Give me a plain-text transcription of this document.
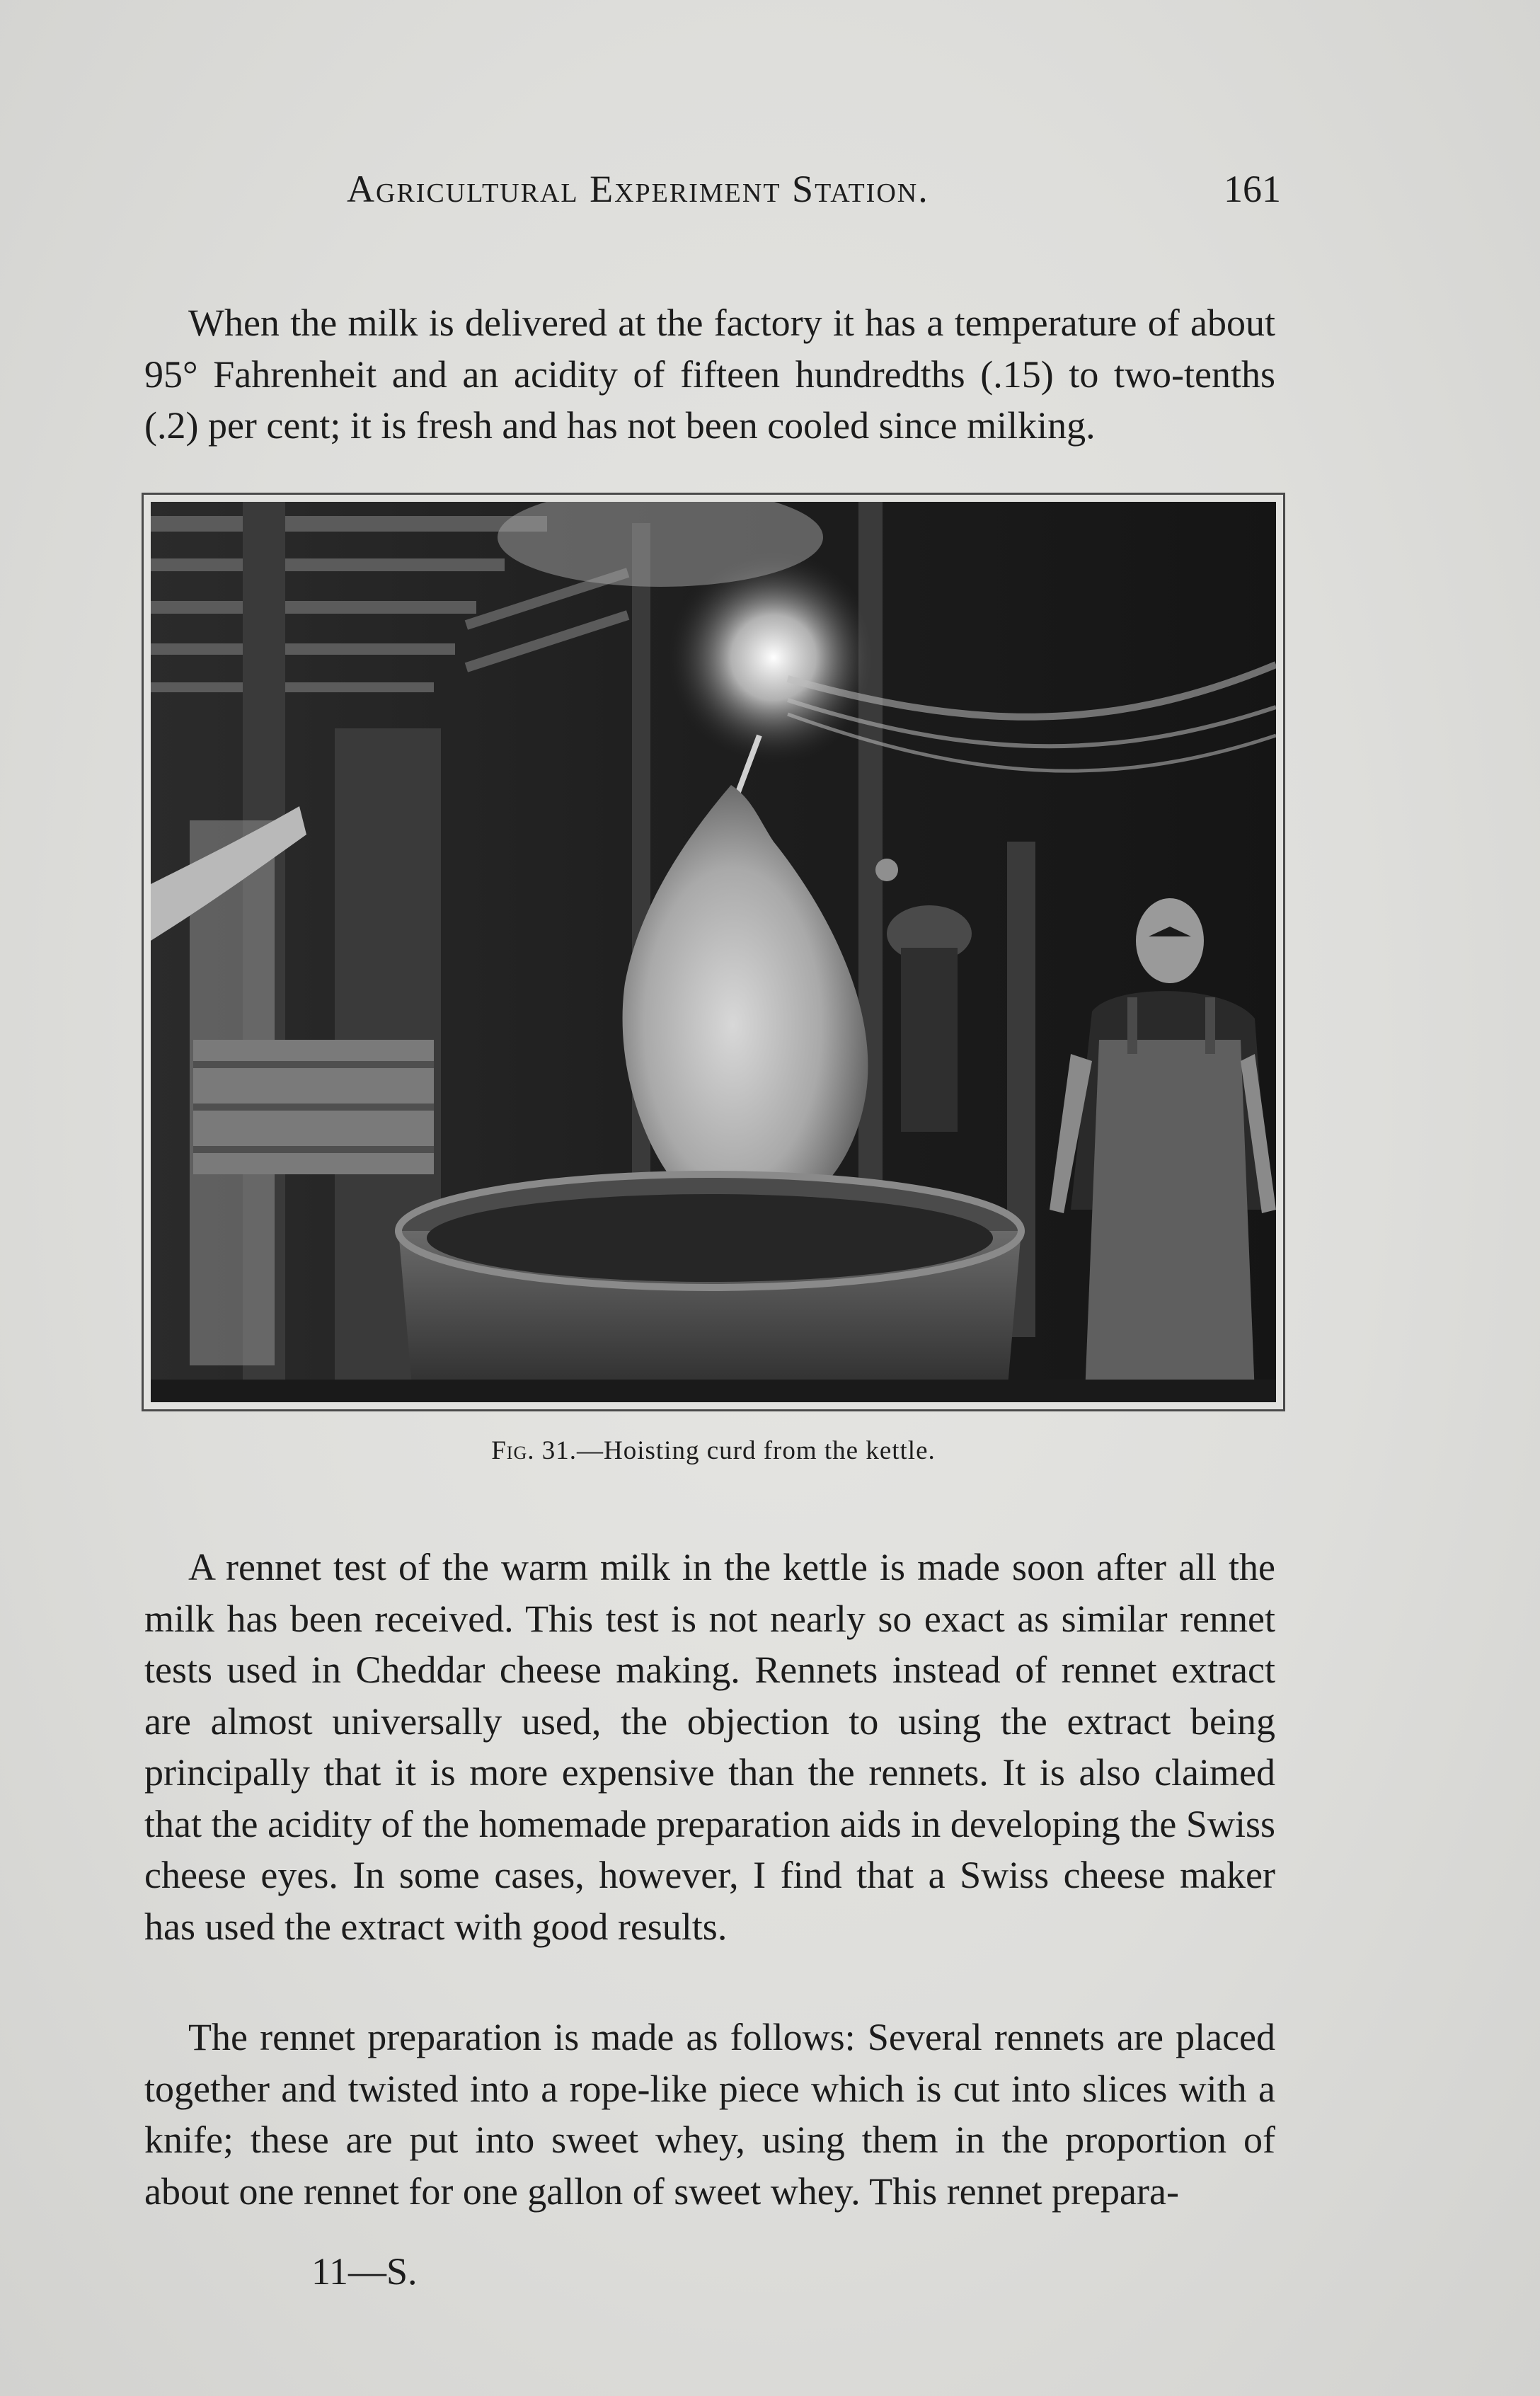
Agricultural Experiment Station.	161

When the milk is delivered at the factory it has a temperature of about 95° Fahrenheit and an acidity of fifteen hundredths (.15) to two-tenths (.2) per cent; it is fresh and has not been cooled since milking.

Fig. 31.—Hoisting curd from the kettle.

A rennet test of the warm milk in the kettle is made soon after all the milk has been received. This test is not nearly so exact as similar rennet tests used in Cheddar cheese making. Rennets instead of rennet extract are almost universally used, the objection to using the extract being principally that it is more expensive than the rennets. It is also claimed that the acidity of the homemade preparation aids in developing the Swiss cheese eyes. In some cases, however, I find that a Swiss cheese maker has used the extract with good results.

The rennet preparation is made as follows: Several rennets are placed together and twisted into a rope-like piece which is cut into slices with a knife; these are put into sweet whey, using them in the proportion of about one rennet for one gallon of sweet whey. This rennet prepara-

11—S.
